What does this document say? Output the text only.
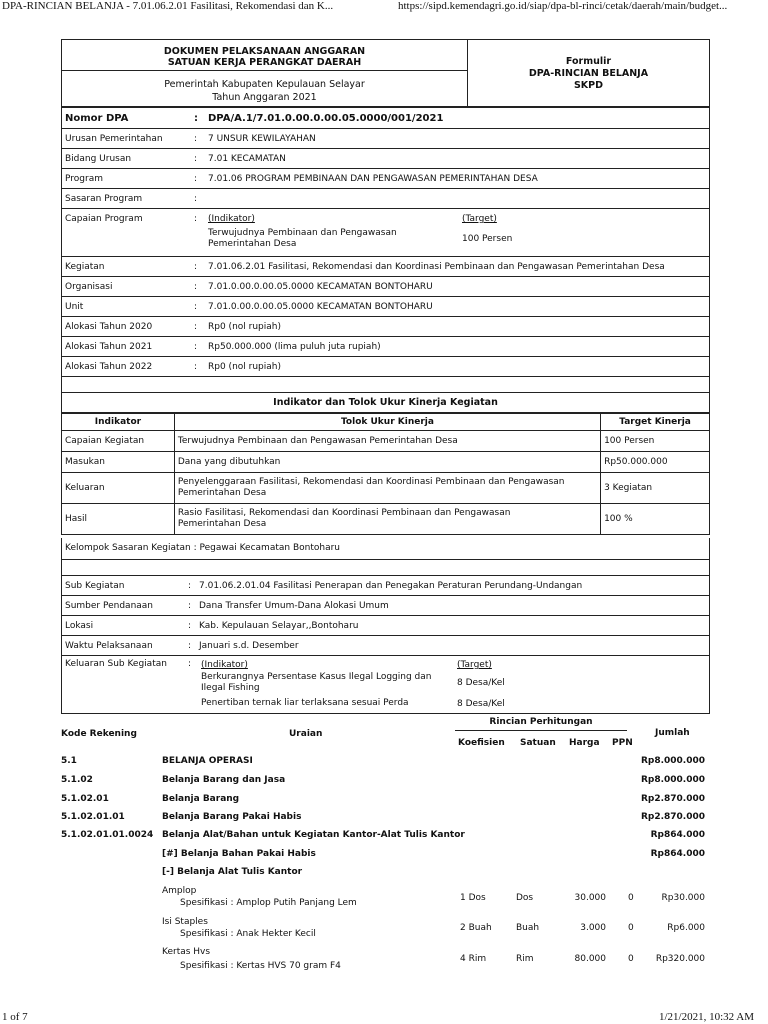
DPA-RINCIAN BELANJA - 7.01.06.2.01 Fasilitasi, Rekomendasi dan K...	https://sipd.kemendagri.go.id/siap/dpa-bl-rinci/cetak/daerah/main/budget...
DOKUMEN PELAKSANAAN ANGGARAN
SATUAN KERJA PERANGKAT DAERAH
Pemerintah Kabupaten Kepulauan Selayar
Tahun Anggaran 2021
Formulir
DPA-RINCIAN BELANJA
SKPD
Nomor DPA	: DPA/A.1/7.01.0.00.0.00.05.0000/001/2021
Urusan Pemerintahan	: 7 UNSUR KEWILAYAHAN
Bidang Urusan	: 7.01 KECAMATAN
Program	: 7.01.06 PROGRAM PEMBINAAN DAN PENGAWASAN PEMERINTAHAN DESA
Sasaran Program	:
Capaian Program	: (Indikator)
Terwujudnya Pembinaan dan Pengawasan
Pemerintahan Desa
(Target)
100 Persen
Kegiatan	: 7.01.06.2.01 Fasilitasi, Rekomendasi dan Koordinasi Pembinaan dan Pengawasan Pemerintahan Desa
Organisasi	: 7.01.0.00.0.00.05.0000 KECAMATAN BONTOHARU
Unit	: 7.01.0.00.0.00.05.0000 KECAMATAN BONTOHARU
Alokasi Tahun 2020	: Rp0 (nol rupiah)
Alokasi Tahun 2021	: Rp50.000.000 (lima puluh juta rupiah)
Alokasi Tahun 2022	: Rp0 (nol rupiah)
Indikator dan Tolok Ukur Kinerja Kegiatan
Indikator	Tolok Ukur Kinerja	Target Kinerja
Capaian Kegiatan	Terwujudnya Pembinaan dan Pengawasan Pemerintahan Desa	100 Persen
Masukan	Dana yang dibutuhkan	Rp50.000.000
Keluaran	Penyelenggaraan Fasilitasi, Rekomendasi dan Koordinasi Pembinaan dan Pengawasan
Pemerintahan Desa	3 Kegiatan
Hasil	Rasio Fasilitasi, Rekomendasi dan Koordinasi Pembinaan dan Pengawasan
Pemerintahan Desa	100 %
Kelompok Sasaran Kegiatan : Pegawai Kecamatan Bontoharu
Sub Kegiatan	: 7.01.06.2.01.04 Fasilitasi Penerapan dan Penegakan Peraturan Perundang-Undangan
Sumber Pendanaan	: Dana Transfer Umum-Dana Alokasi Umum
Lokasi	: Kab. Kepulauan Selayar,,Bontoharu
Waktu Pelaksanaan	: Januari s.d. Desember
Keluaran Sub Kegiatan : (Indikator)	(Target)
Berkurangnya Persentase Kasus Ilegal Logging dan
Ilegal Fishing	8 Desa/Kel
Penertiban ternak liar terlaksana sesuai Perda	8 Desa/Kel
Kode Rekening	Uraian
Rincian Perhitungan
Koefisien Satuan Harga PPN
Jumlah
5.1	BELANJA OPERASI	Rp8.000.000
5.1.02	Belanja Barang dan Jasa	Rp8.000.000
5.1.02.01	Belanja Barang	Rp2.870.000
5.1.02.01.01	Belanja Barang Pakai Habis	Rp2.870.000
5.1.02.01.01.0024 Belanja Alat/Bahan untuk Kegiatan Kantor-Alat Tulis Kantor	Rp864.000
[#] Belanja Bahan Pakai Habis	Rp864.000
[-] Belanja Alat Tulis Kantor
Amplop
Spesifikasi : Amplop Putih Panjang Lem	1 Dos	Dos	30.000 0	Rp30.000
Isi Staples
Spesifikasi : Anak Hekter Kecil
2 Buah	Buah	3.000 0	Rp6.000
Kertas Hvs
Spesifikasi : Kertas HVS 70 gram F4
4 Rim	Rim	80.000 0 Rp320.000
1 of 7	1/21/2021, 10:32 AM
